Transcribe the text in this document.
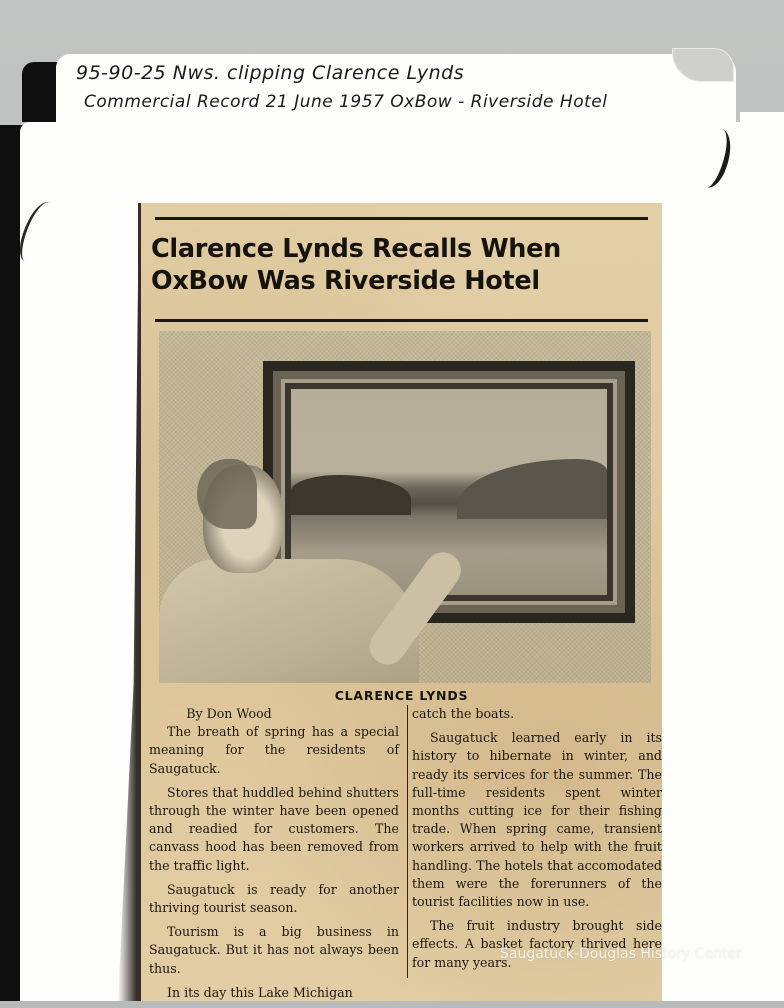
95-90-25 Nws. clipping Clarence Lynds
Commercial Record 21 June 1957 OxBow - Riverside Hotel
Clarence Lynds Recalls When
OxBow Was Riverside Hotel
CLARENCE LYNDS

By Don Wood

The breath of spring has a special meaning for the residents of Saugatuck.

Stores that huddled behind shutters through the winter have been opened and readied for customers. The canvass hood has been removed from the traffic light.

Saugatuck is ready for another thriving tourist season.

Tourism is a big business in Saugatuck. But it has not always been thus.

In its day this Lake Michigan

catch the boats.

Saugatuck learned early in its history to hibernate in winter, and ready its services for the summer. The full-time residents spent winter months cutting ice for their fishing trade. When spring came, transient workers arrived to help with the fruit handling. The hotels that accomodated them were the forerunners of the tourist facilities now in use.

The fruit industry brought side effects. A basket factory thrived here for many years.

Saugatuck-Douglas History Center
